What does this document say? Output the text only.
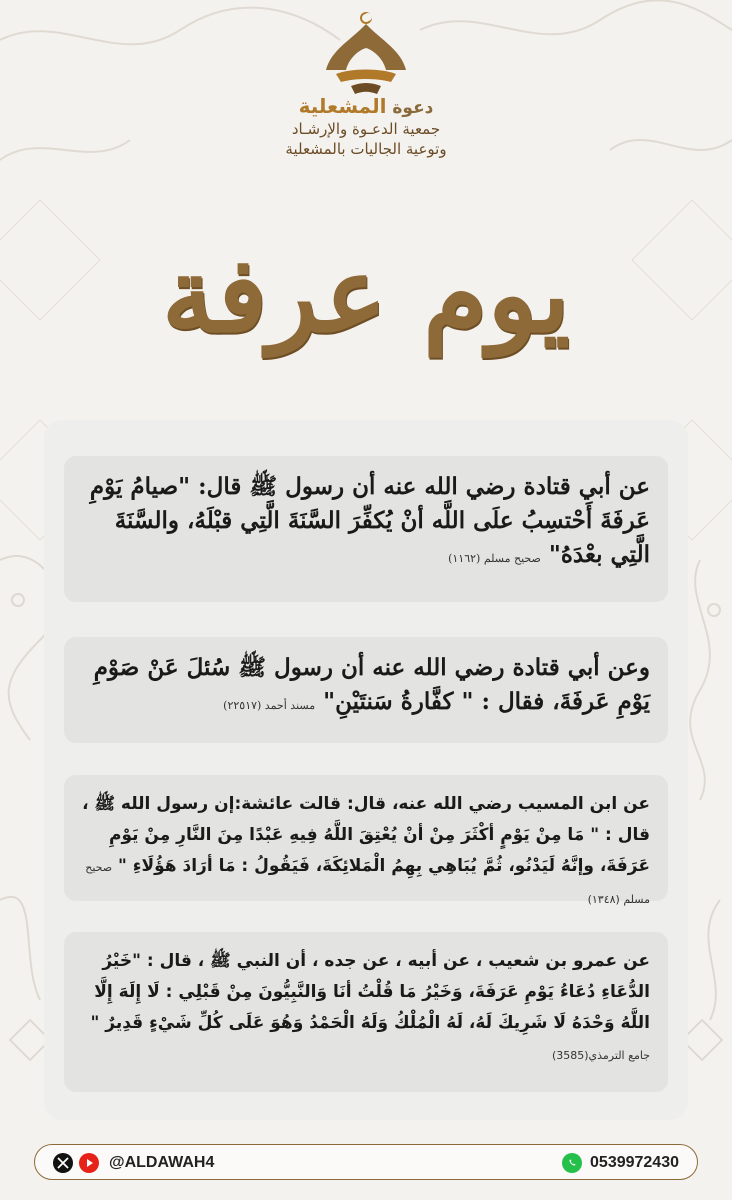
دعوة المشعلية
جمعية الدعـوة والإرشـاد
وتوعية الجاليات بالمشعلية
يوم عرفة
عن أبي قتادة رضي الله عنه أن رسول ﷺ قال: "صيامُ يَوْمِ عَرفَةَ أَحْتسِبُ علَى اللَّه أنْ يُكفِّرَ السَّنَةَ الَّتِي قبْلَهُ، والسَّنَةَ الَّتِي بعْدَهُ" صحيح مسلم (١١٦٢)
وعن أبي قتادة رضي الله عنه أن رسول ﷺ سُئلَ عَنْ صَوْمِ يَوْمِ عَرفَةَ، فقال : " كفَّارةُ سَنتَيْنِ" مسند أحمد (٢٢٥١٧)
عن ابن المسيب رضي الله عنه، قال: قالت عائشة:إن رسول الله ﷺ ، قال : " مَا مِنْ يَوْمٍ أكْثَرَ مِنْ أنْ يُعْتِقَ اللَّهُ فِيهِ عَبْدًا مِنَ النَّارِ مِنْ يَوْمِ عَرَفَةَ، وإنَّهُ لَيَدْنُو، ثُمَّ يُبَاهِي بِهِمُ الْمَلائِكَةَ، فَيَقُولُ : مَا أرَادَ هَؤُلَاءِ " صحيح مسلم (١٣٤٨)
عن عمرو بن شعيب ، عن أبيه ، عن جده ، أن النبي ﷺ ، قال : "خَيْرُ الدُّعَاءِ دُعَاءُ يَوْمِ عَرَفَةَ، وَخَيْرُ مَا قُلْتُ أنَا وَالنَّبِيُّونَ مِنْ قَبْلِي : لَا إِلَهَ إِلَّا اللَّهُ وَحْدَهُ لَا شَرِيكَ لَهُ، لَهُ الْمُلْكُ وَلَهُ الْحَمْدُ وَهُوَ عَلَى كُلِّ شَيْءٍ قَدِيرٌ " جامع الترمذي(3585)
@ALDAWAH4	0539972430
